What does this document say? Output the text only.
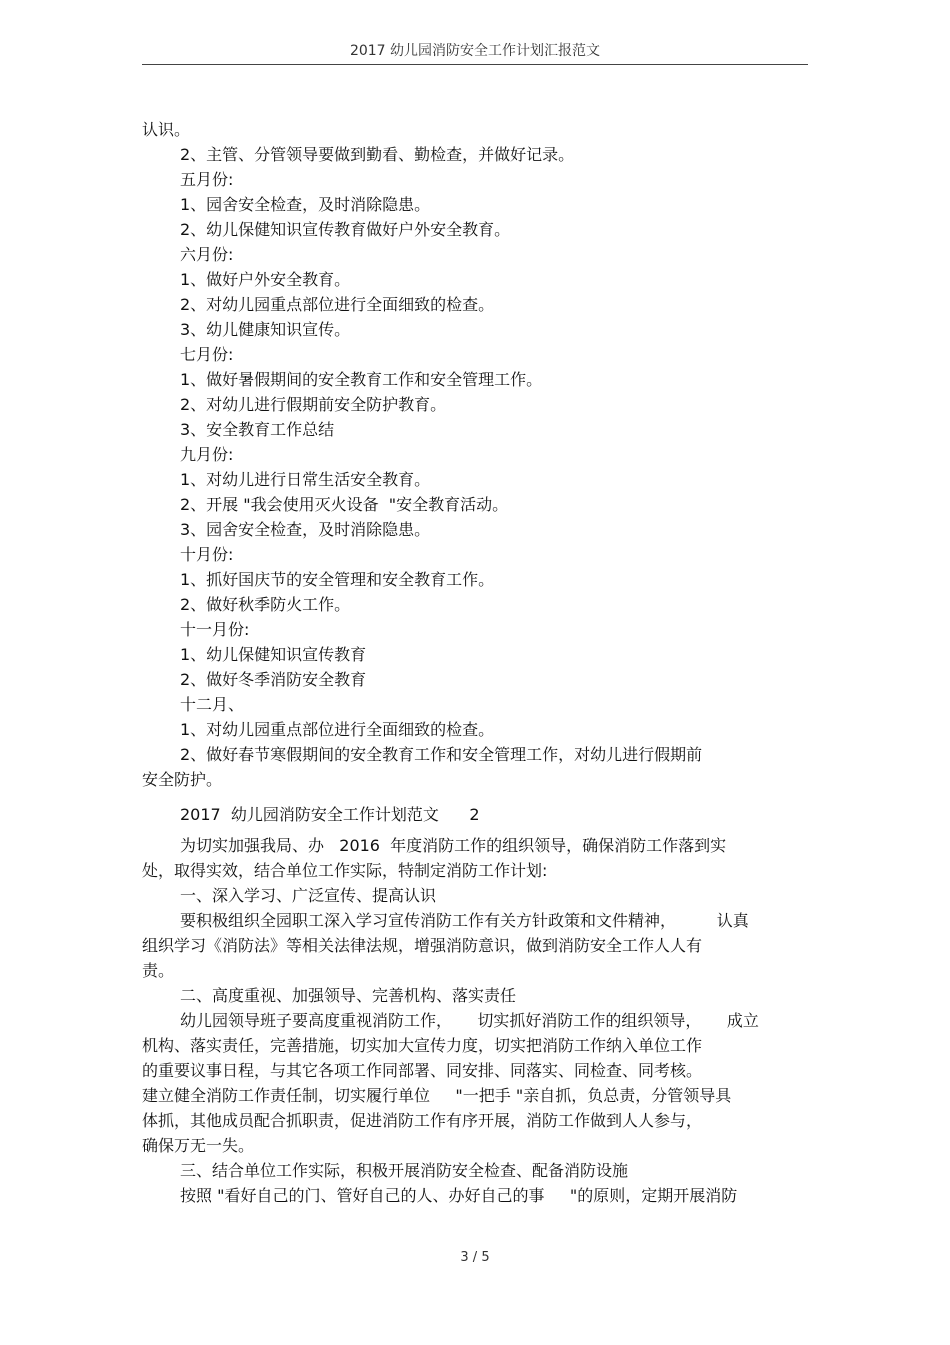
2017 幼儿园消防安全工作计划汇报范文
认识。
2、主管、分管领导要做到勤看、勤检查，并做好记录。
五月份:
1、园舍安全检查，及时消除隐患。
2、幼儿保健知识宣传教育做好户外安全教育。
六月份:
1、做好户外安全教育。
2、对幼儿园重点部位进行全面细致的检查。
3、幼儿健康知识宣传。
七月份:
1、做好暑假期间的安全教育工作和安全管理工作。
2、对幼儿进行假期前安全防护教育。
3、安全教育工作总结
九月份:
1、对幼儿进行日常生活安全教育。
2、开展 "我会使用灭火设备  "安全教育活动。
3、园舍安全检查，及时消除隐患。
十月份:
1、抓好国庆节的安全管理和安全教育工作。
2、做好秋季防火工作。
十一月份:
1、幼儿保健知识宣传教育
2、做好冬季消防安全教育
十二月、
1、对幼儿园重点部位进行全面细致的检查。
2、做好春节寒假期间的安全教育工作和安全管理工作，对幼儿进行假期前
安全防护。
2017  幼儿园消防安全工作计划范文      2
为切实加强我局、办   2016  年度消防工作的组织领导，确保消防工作落到实
处，取得实效，结合单位工作实际，特制定消防工作计划:
一、深入学习、广泛宣传、提高认识
要积极组织全园职工深入学习宣传消防工作有关方针政策和文件精神，        认真
组织学习《消防法》等相关法律法规，增强消防意识，做到消防安全工作人人有
责。
二、高度重视、加强领导、完善机构、落实责任
幼儿园领导班子要高度重视消防工作，     切实抓好消防工作的组织领导，     成立
机构、落实责任，完善措施，切实加大宣传力度，切实把消防工作纳入单位工作
的重要议事日程，与其它各项工作同部署、同安排、同落实、同检查、同考核。
建立健全消防工作责任制，切实履行单位     "一把手 "亲自抓，负总责，分管领导具
体抓，其他成员配合抓职责，促进消防工作有序开展，消防工作做到人人参与，
确保万无一失。
三、结合单位工作实际，积极开展消防安全检查、配备消防设施
按照 "看好自己的门、管好自己的人、办好自己的事     "的原则，定期开展消防
3 / 5
